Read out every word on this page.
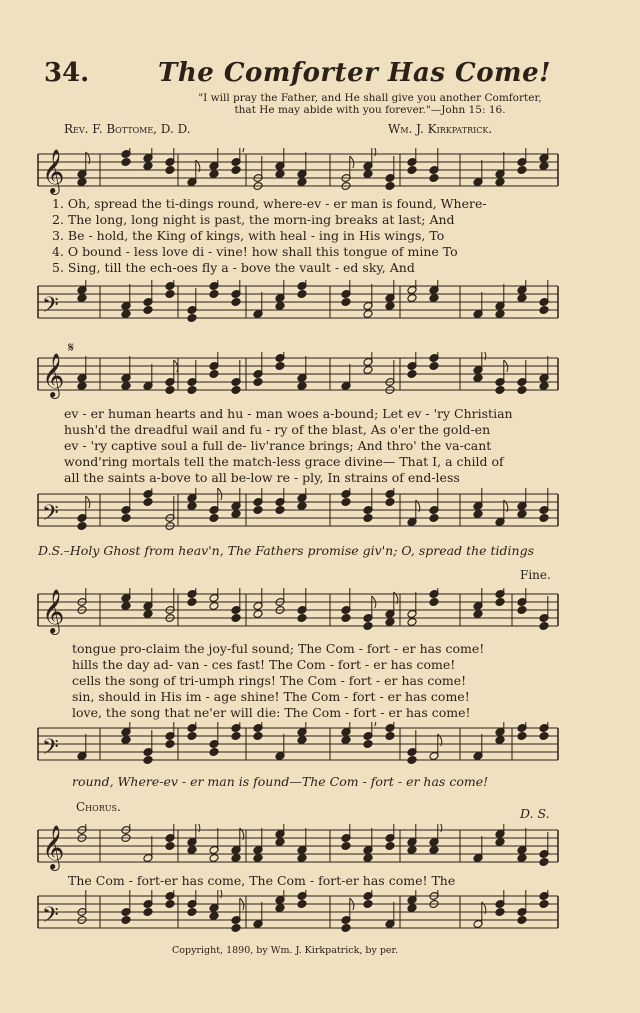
34.	The Comforter Has Come!
"I will pray the Father, and He shall give you another Comforter,
that He may abide with you forever."—John 15: 16.
Rev. F. Bottome, D. D.	Wm. J. Kirkpatrick.
𝄞
1. Oh, spread the ti-dings round, where-ev - er man is found, Where-
2. The long, long night is past, the morn-ing breaks at last; And
3. Be - hold, the King of kings, with heal - ing in His wings, To
4. O bound - less love di - vine! how shall this tongue of mine To
5. Sing, till the ech-oes fly a - bove the vault - ed sky, And
𝄢
𝄋
𝄞
ev - er human hearts and hu - man woes a-bound; Let ev - 'ry Christian
hush'd the dreadful wail and fu - ry of the blast, As o'er the gold-en
ev - 'ry captive soul a full de- liv'rance brings; And thro' the va-cant
wond'ring mortals tell the match-less grace divine— That I, a child of
all the saints a-bove to all be-low re - ply, In strains of end-less
𝄢
D.S.–Holy Ghost from heav'n, The Fathers promise giv'n; O, spread the tidings
Fine.
𝄞
tongue pro-claim the joy-ful sound; The Com - fort - er has come!
hills the day ad- van - ces fast! The Com - fort - er has come!
cells the song of tri-umph rings! The Com - fort - er has come!
sin, should in His im - age shine! The Com - fort - er has come!
love, the song that ne'er will die: The Com - fort - er has come!
𝄢
round, Where-ev - er man is found—The Com - fort - er has come!
Chorus.	D. S.
𝄞
The Com - fort-er has come, The Com - fort-er has come! The
𝄢
Copyright, 1890, by Wm. J. Kirkpatrick, by per.
